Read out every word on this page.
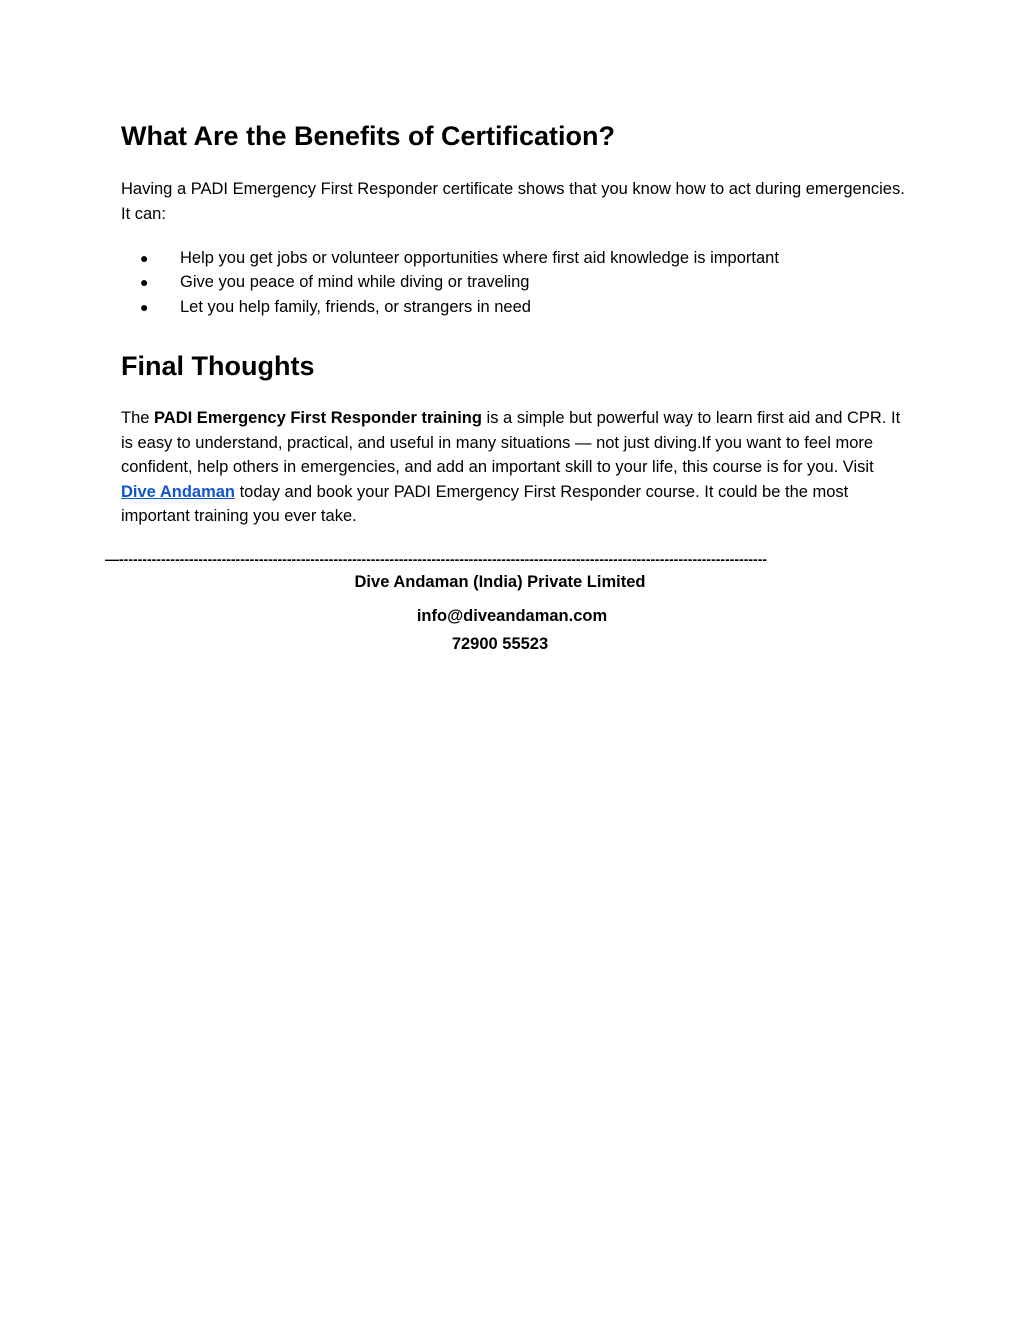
What Are the Benefits of Certification?

Having a PADI Emergency First Responder certificate shows that you know how to act during emergencies. It can:

● Help you get jobs or volunteer opportunities where first aid knowledge is important
● Give you peace of mind while diving or traveling
● Let you help family, friends, or strangers in need
Final Thoughts

The PADI Emergency First Responder training is a simple but powerful way to learn first aid and CPR. It is easy to understand, practical, and useful in many situations — not just diving.If you want to feel more confident, help others in emergencies, and add an important skill to your life, this course is for you. Visit Dive Andaman today and book your PADI Emergency First Responder course. It could be the most important training you ever take.

—-------------------------------------------------------------------------------------------------------------------------------------------

Dive Andaman (India) Private Limited

info@diveandaman.com

72900 55523
